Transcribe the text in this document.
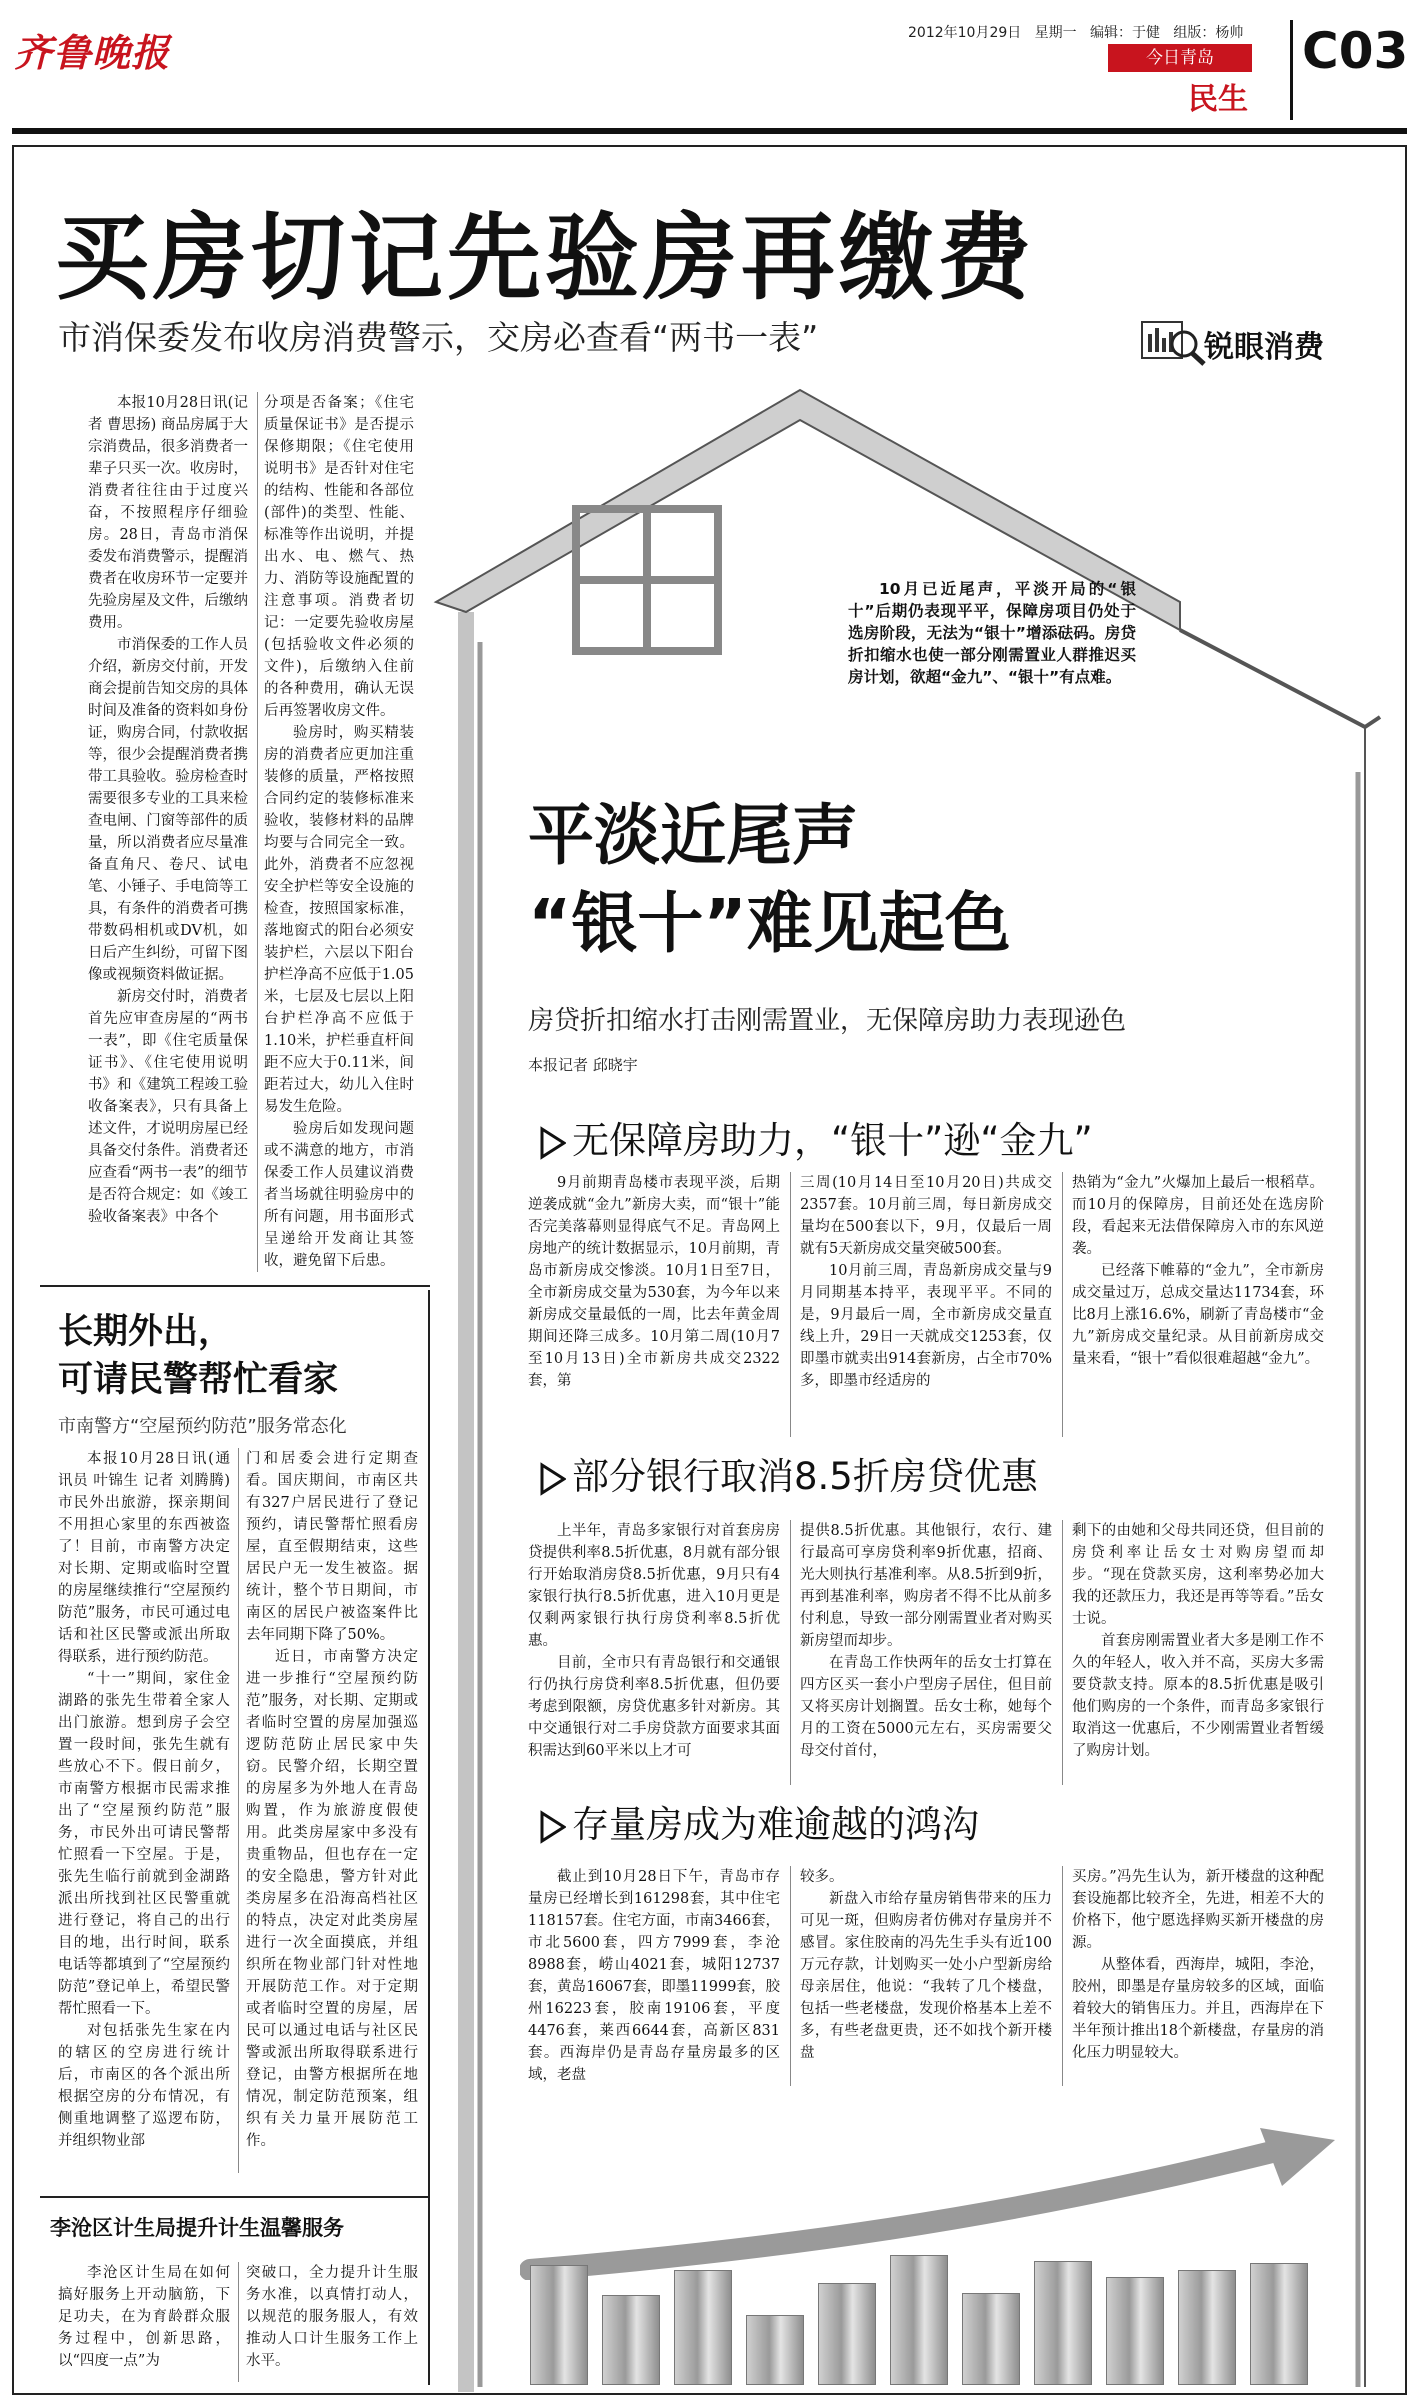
齐鲁晚报	2012年10月29日 星期一 编辑：于健 组版：杨帅
今日青岛
民生
C03
买房切记先验房再缴费
市消保委发布收房消费警示，交房必查看“两书一表”	锐眼消费

本报10月28日讯(记者 曹思扬) 商品房属于大宗消费品，很多消费者一辈子只买一次。收房时，消费者往往由于过度兴奋，不按照程序仔细验房。28日，青岛市消保委发布消费警示，提醒消费者在收房环节一定要并先验房屋及文件，后缴纳费用。

市消保委的工作人员介绍，新房交付前，开发商会提前告知交房的具体时间及准备的资料如身份证，购房合同，付款收据等，很少会提醒消费者携带工具验收。验房检查时需要很多专业的工具来检查电闸、门窗等部件的质量，所以消费者应尽量准备直角尺、卷尺、试电笔、小锤子、手电筒等工具，有条件的消费者可携带数码相机或DV机，如日后产生纠纷，可留下图像或视频资料做证据。

新房交付时，消费者首先应审查房屋的“两书一表”，即《住宅质量保证书》、《住宅使用说明书》和《建筑工程竣工验收备案表》，只有具备上述文件，才说明房屋已经具备交付条件。消费者还应查看“两书一表”的细节是否符合规定：如《竣工验收备案表》中各个

分项是否备案；《住宅质量保证书》是否提示保修期限；《住宅使用说明书》是否针对住宅的结构、性能和各部位(部件)的类型、性能、标准等作出说明，并提出水、电、燃气、热力、消防等设施配置的注意事项。消费者切记：一定要先验收房屋(包括验收文件必须的文件)，后缴纳入住前的各种费用，确认无误后再签署收房文件。

验房时，购买精装房的消费者应更加注重装修的质量，严格按照合同约定的装修标准来验收，装修材料的品牌均要与合同完全一致。此外，消费者不应忽视安全护栏等安全设施的检查，按照国家标准，落地窗式的阳台必须安装护栏，六层以下阳台护栏净高不应低于1.05米，七层及七层以上阳台护栏净高不应低于1.10米，护栏垂直杆间距不应大于0.11米，间距若过大，幼儿入住时易发生危险。

验房后如发现问题或不满意的地方，市消保委工作人员建议消费者当场就往明验房中的所有问题，用书面形式呈递给开发商让其签收，避免留下后患。

长期外出，
可请民警帮忙看家
市南警方“空屋预约防范”服务常态化

本报10月28日讯(通讯员 叶锦生 记者 刘腾腾) 市民外出旅游，探亲期间不用担心家里的东西被盗了！目前，市南警方决定对长期、定期或临时空置的房屋继续推行“空屋预约防范”服务，市民可通过电话和社区民警或派出所取得联系，进行预约防范。

“十一”期间，家住金湖路的张先生带着全家人出门旅游。想到房子会空置一段时间，张先生就有些放心不下。假日前夕，市南警方根据市民需求推出了“空屋预约防范”服务，市民外出可请民警帮忙照看一下空屋。于是，张先生临行前就到金湖路派出所找到社区民警重就进行登记，将自己的出行目的地，出行时间，联系电话等都填到了“空屋预约防范”登记单上，希望民警帮忙照看一下。

对包括张先生家在内的辖区的空房进行统计后，市南区的各个派出所根据空房的分布情况，有侧重地调整了巡逻布防，并组织物业部

门和居委会进行定期查看。国庆期间，市南区共有327户居民进行了登记预约，请民警帮忙照看房屋，直至假期结束，这些居民户无一发生被盗。据统计，整个节日期间，市南区的居民户被盗案件比去年同期下降了50%。

近日，市南警方决定进一步推行“空屋预约防范”服务，对长期、定期或者临时空置的房屋加强巡逻防范防止居民家中失窃。民警介绍，长期空置的房屋多为外地人在青岛购置，作为旅游度假使用。此类房屋家中多没有贵重物品，但也存在一定的安全隐患，警方针对此类房屋多在沿海高档社区的特点，决定对此类房屋进行一次全面摸底，并组织所在物业部门针对性地开展防范工作。对于定期或者临时空置的房屋，居民可以通过电话与社区民警或派出所取得联系进行登记，由警方根据所在地情况，制定防范预案，组织有关力量开展防范工作。

李沧区计生局提升计生温馨服务

李沧区计生局在如何搞好服务上开动脑筋，下足功夫，在为育龄群众服务过程中，创新思路，以“四度一点”为

突破口，全力提升计生服务水准，以真情打动人，以规范的服务服人，有效推动人口计生服务工作上水平。

10月已近尾声，平淡开局的“银十”后期仍表现平平，保障房项目仍处于选房阶段，无法为“银十”增添砝码。房贷折扣缩水也使一部分刚需置业人群推迟买房计划，欲超“金九”、“银十”有点难。
平淡近尾声
“银十”难见起色
房贷折扣缩水打击刚需置业，无保障房助力表现逊色
本报记者 邱晓宇
无保障房助力，“银十”逊“金九”

9月前期青岛楼市表现平淡，后期逆袭成就“金九”新房大卖，而“银十”能否完美落幕则显得底气不足。青岛网上房地产的统计数据显示，10月前期，青岛市新房成交惨淡。10月1日至7日，全市新房成交量为530套，为今年以来新房成交量最低的一周，比去年黄金周期间还降三成多。10月第二周(10月7至10月13日)全市新房共成交2322套，第

三周(10月14日至10月20日)共成交2357套。10月前三周，每日新房成交量均在500套以下，9月，仅最后一周就有5天新房成交量突破500套。

10月前三周，青岛新房成交量与9月同期基本持平，表现平平。不同的是，9月最后一周，全市新房成交量直线上升，29日一天就成交1253套，仅即墨市就卖出914套新房，占全市70%多，即墨市经适房的

热销为“金九”火爆加上最后一根稻草。而10月的保障房，目前还处在选房阶段，看起来无法借保障房入市的东风逆袭。

已经落下帷幕的“金九”，全市新房成交量过万，总成交量达11734套，环比8月上涨16.6%，刷新了青岛楼市“金九”新房成交量纪录。从目前新房成交量来看，“银十”看似很难超越“金九”。

部分银行取消8.5折房贷优惠

上半年，青岛多家银行对首套房房贷提供利率8.5折优惠，8月就有部分银行开始取消房贷8.5折优惠，9月只有4家银行执行8.5折优惠，进入10月更是仅剩两家银行执行房贷利率8.5折优惠。

目前，全市只有青岛银行和交通银行仍执行房贷利率8.5折优惠，但仍要考虑到限额，房贷优惠多针对新房。其中交通银行对二手房贷款方面要求其面积需达到60平米以上才可

提供8.5折优惠。其他银行，农行、建行最高可享房贷利率9折优惠，招商、光大则执行基准利率。从8.5折到9折，再到基准利率，购房者不得不比从前多付利息，导致一部分刚需置业者对购买新房望而却步。

在青岛工作快两年的岳女士打算在四方区买一套小户型房子居住，但目前又将买房计划搁置。岳女士称，她每个月的工资在5000元左右，买房需要父母交付首付，

剩下的由她和父母共同还贷，但目前的房贷利率让岳女士对购房望而却步。“现在贷款买房，这利率势必加大我的还款压力，我还是再等等看。”岳女士说。

首套房刚需置业者大多是刚工作不久的年轻人，收入并不高，买房大多需要贷款支持。原本的8.5折优惠是吸引他们购房的一个条件，而青岛多家银行取消这一优惠后，不少刚需置业者暂缓了购房计划。

存量房成为难逾越的鸿沟

截止到10月28日下午，青岛市存量房已经增长到161298套，其中住宅118157套。住宅方面，市南3466套，市北5600套，四方7999套，李沧8988套，崂山4021套，城阳12737套，黄岛16067套，即墨11999套，胶州16223套，胶南19106套，平度4476套，莱西6644套，高新区831套。西海岸仍是青岛存量房最多的区域，老盘

较多。

新盘入市给存量房销售带来的压力可见一斑，但购房者仿佛对存量房并不感冒。家住胶南的冯先生手头有近100万元存款，计划购买一处小户型新房给母亲居住，他说：“我转了几个楼盘，包括一些老楼盘，发现价格基本上差不多，有些老盘更贵，还不如找个新开楼盘

买房。”冯先生认为，新开楼盘的这种配套设施都比较齐全，先进，相差不大的价格下，他宁愿选择购买新开楼盘的房源。

从整体看，西海岸，城阳，李沧，胶州，即墨是存量房较多的区域，面临着较大的销售压力。并且，西海岸在下半年预计推出18个新楼盘，存量房的消化压力明显较大。
